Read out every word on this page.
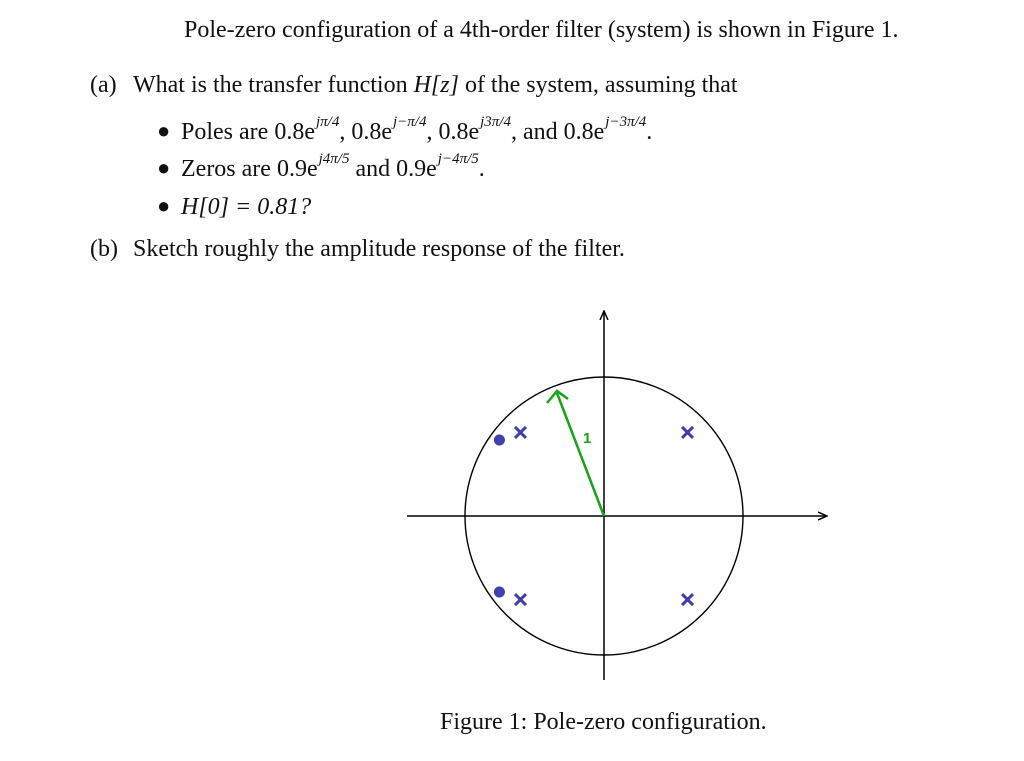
Pole-zero configuration of a 4th-order filter (system) is shown in Figure 1.
(a) What is the transfer function H[z] of the system, assuming that
● Poles are $0.8e^{j\pi/4}$, $0.8e^{j-\pi/4}$, $0.8e^{j3\pi/4}$, and $0.8e^{j-3\pi/4}$.
● Zeros are $0.9e^{j4\pi/5}$ and $0.9e^{j-4\pi/5}$.
● H[0] = 0.81?
(b) Sketch roughly the amplitude response of the filter.
1
Figure 1: Pole-zero configuration.
